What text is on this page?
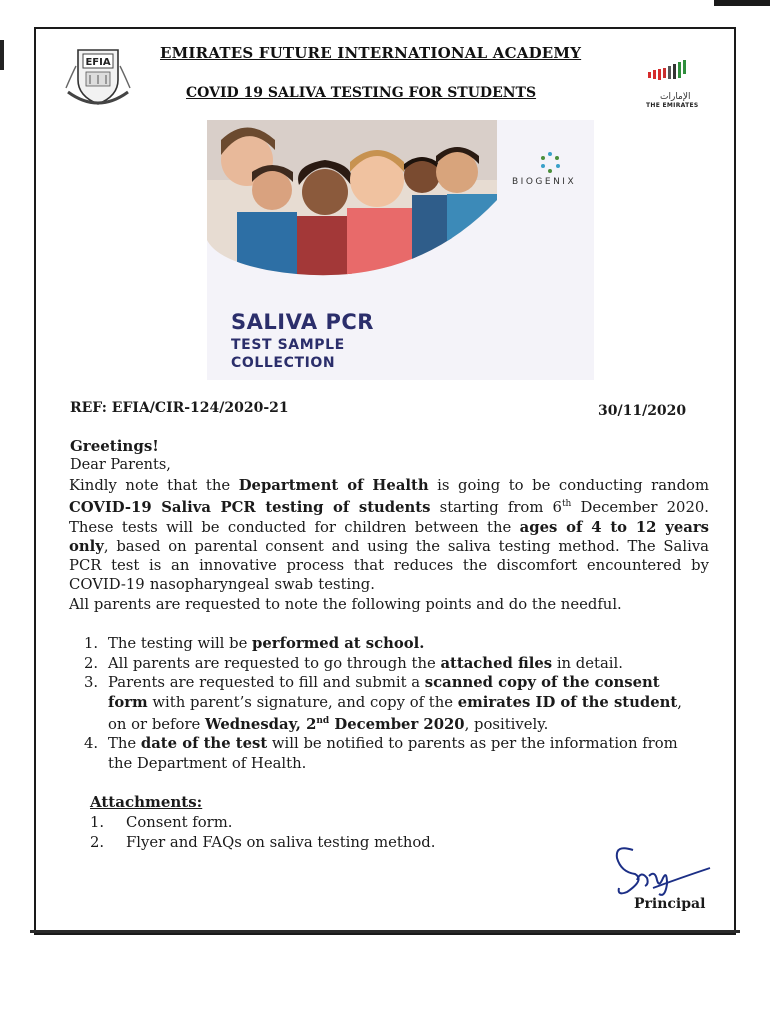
EFIA
EMIRATES FUTURE INTERNATIONAL ACADEMY
COVID 19 SALIVA TESTING FOR STUDENTS	الإمارات
THE EMIRATES
BIOGENIX
SALIVA PCR
TEST SAMPLE
COLLECTION
REF: EFIA/CIR-124/2020-21	30/11/2020
Greetings!
Dear Parents,
Kindly note that the Department of Health is going to be conducting random COVID-19 Saliva PCR testing of students starting from 6th December 2020. These tests will be conducted for children between the ages of 4 to 12 years only, based on parental consent and using the saliva testing method. The Saliva PCR test is an innovative process that reduces the discomfort encountered by COVID-19 nasopharyngeal swab testing.
All parents are requested to note the following points and do the needful.
1. The testing will be performed at school.
2. All parents are requested to go through the attached files in detail.
3. Parents are requested to fill and submit a scanned copy of the consent form with parent’s signature, and copy of the emirates ID of the student, on or before Wednesday, 2nd December 2020, positively.
4. The date of the test will be notified to parents as per the information from the Department of Health.
Attachments:
1. Consent form.
2. Flyer and FAQs on saliva testing method.
Principal
